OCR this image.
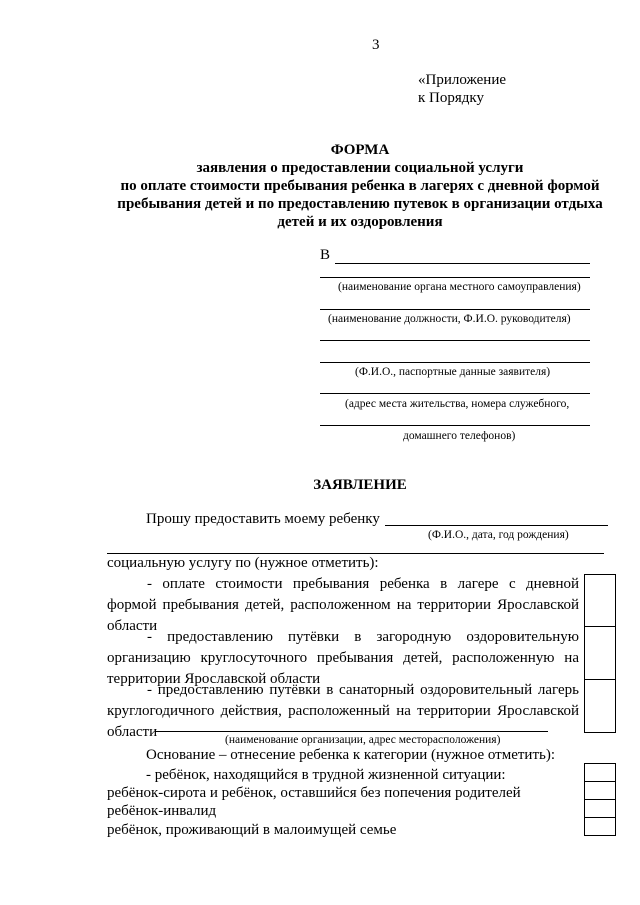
3
«Приложение
к Порядку
ФОРМА
заявления о предоставлении социальной услуги
по оплате стоимости пребывания ребенка в лагерях с дневной формой
пребывания детей и по предоставлению путевок в организации отдыха
детей и их оздоровления
В
(наименование органа местного самоуправления)
(наименование должности, Ф.И.О. руководителя)
(Ф.И.О., паспортные данные заявителя)
(адрес места жительства, номера служебного,
домашнего телефонов)
ЗАЯВЛЕНИЕ
Прошу предоставить моему ребенку
(Ф.И.О., дата, год рождения)
социальную услугу по (нужное отметить):
- оплате стоимости пребывания ребенка в лагере с дневной
формой пребывания детей, расположенном на территории Ярославской
области
- предоставлению путёвки в загородную оздоровительную
организацию круглосуточного пребывания детей, расположенную на
территории Ярославской области
- предоставлению путёвки в санаторный оздоровительный лагерь
круглогодичного действия, расположенный на территории Ярославской
области	(наименование организации, адрес месторасположения)
Основание – отнесение ребенка к категории (нужное отметить):
- ребёнок, находящийся в трудной жизненной ситуации:
ребёнок-сирота и ребёнок, оставшийся без попечения родителей
ребёнок-инвалид
ребёнок, проживающий в малоимущей семье
